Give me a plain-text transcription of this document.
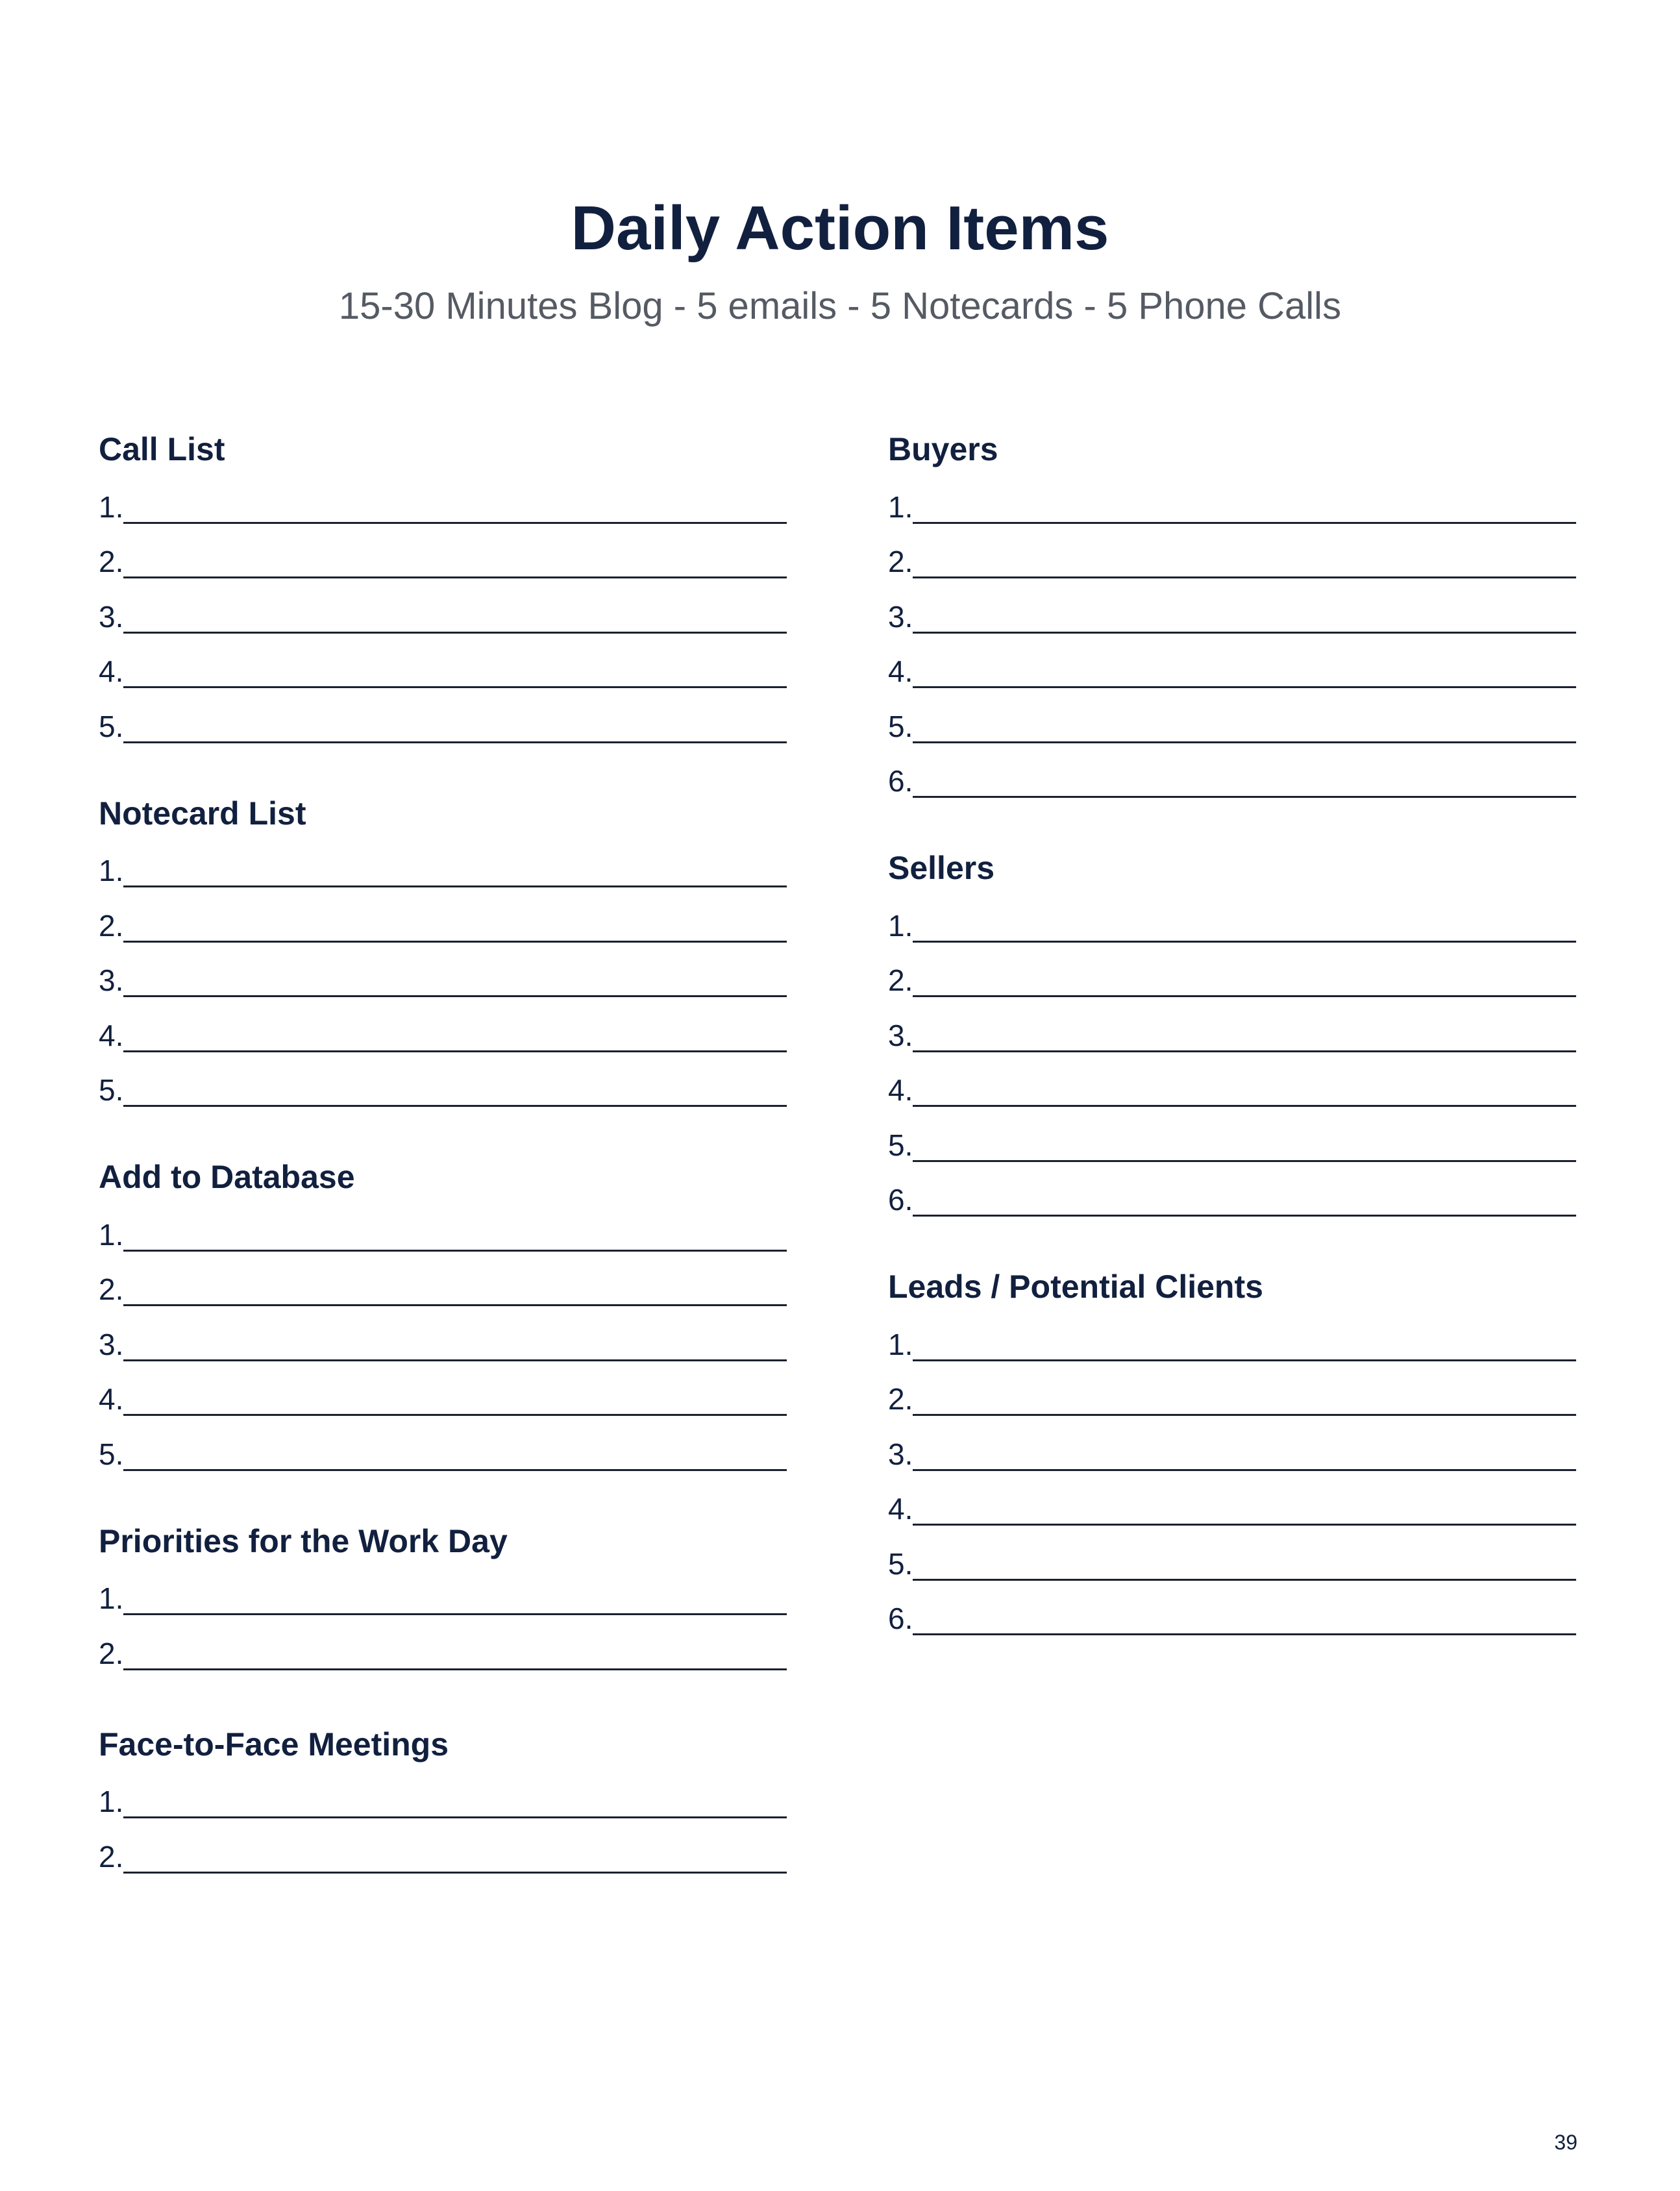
Daily Action Items
15-30 Minutes Blog - 5 emails - 5 Notecards - 5 Phone Calls
Call List
1.
2.
3.
4.
5.
Notecard List
1.
2.
3.
4.
5.
Add to Database
1.
2.
3.
4.
5.
Priorities for the Work Day
1.
2.
Face-to-Face Meetings
1.
2.
Buyers
1.
2.
3.
4.
5.
6.
Sellers
1.
2.
3.
4.
5.
6.
Leads / Potential Clients
1.
2.
3.
4.
5.
6.
39
